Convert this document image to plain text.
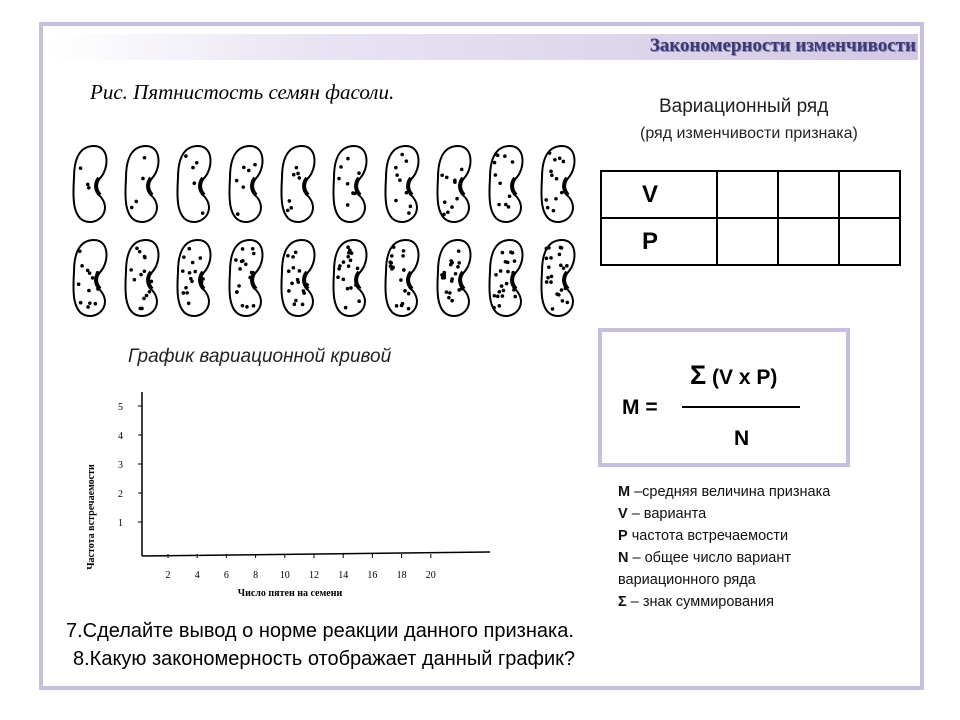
Закономерности изменчивости
Рис. Пятнистость семян фасоли.
Вариационный ряд
(ряд изменчивости признака)
V			
P			
M =
Σ (V x P)
N
M –средняя величина признака
V – варианта
P частота встречаемости
N – общее число вариант
вариационного ряда
Σ – знак суммирования
График вариационной кривой
Частота встречаемости
Число пятен на семени
1
2
3
4
5
2 4 6 8 10 12 14 16 18 20
7.Сделайте вывод о норме реакции данного признака.
8.Какую закономерность отображает данный график?
